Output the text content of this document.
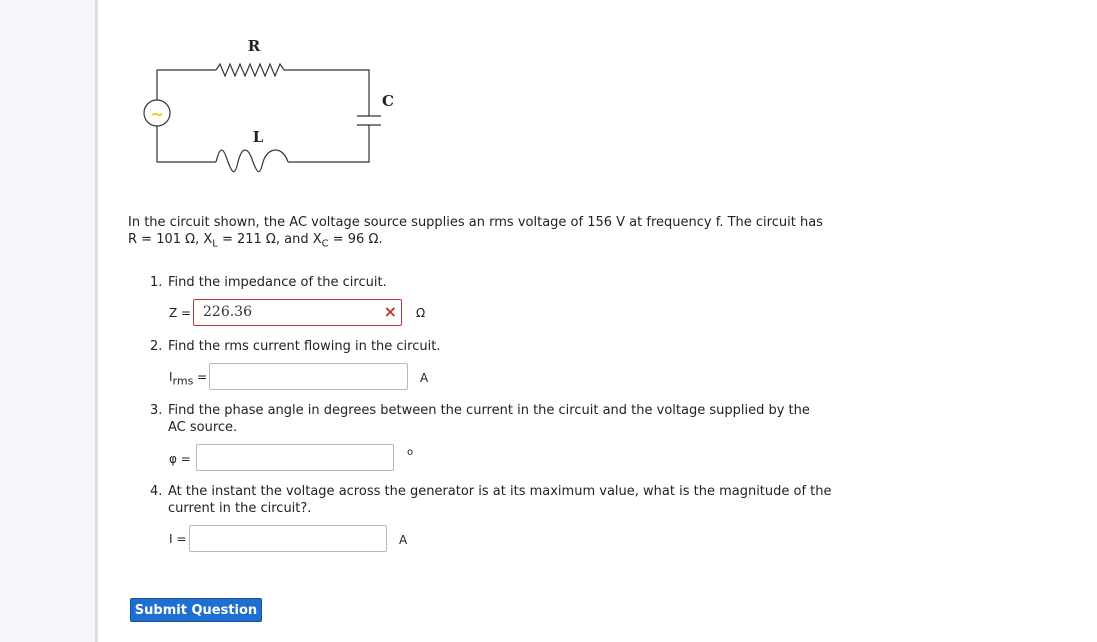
~
R
C
L
In the circuit shown, the AC voltage source supplies an rms voltage of 156 V at frequency f. The circuit has
R = 101 Ω, $X_L = 211$ Ω, and $X_C = 96$ Ω.
1. Find the impedance of the circuit.
Z = 226.36	× Ω
2. Find the rms current flowing in the circuit.
$I_{rms}$ =	A
3. Find the phase angle in degrees between the current in the circuit and the voltage supplied by the
AC source.
φ =	o
4. At the instant the voltage across the generator is at its maximum value, what is the magnitude of the
current in the circuit?.
I =	A
Submit Question
